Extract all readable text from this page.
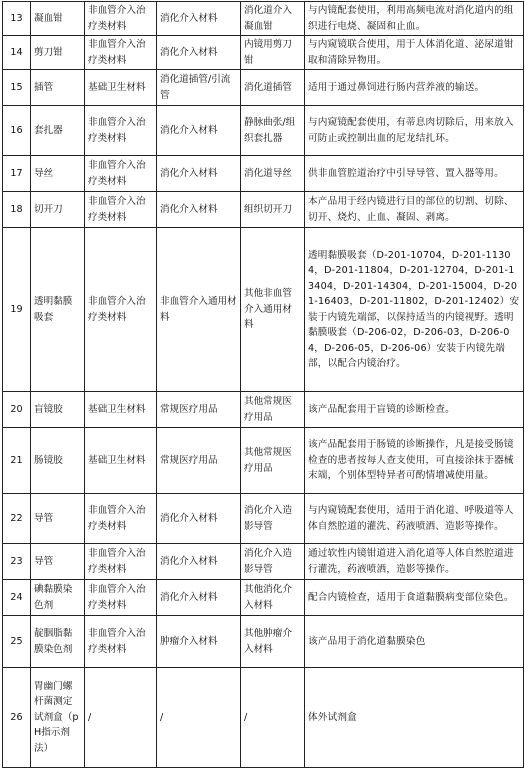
13	凝血钳	非血管介入治疗类材料	消化介入材料	消化道介入凝血钳	与内镜配套使用，利用高频电流对消化道内的组织进行电烧、凝固和止血。
14	剪刀钳	非血管介入治疗类材料	消化介入材料	内镜用剪刀钳	与内窥镜联合使用，用于人体消化道、泌尿道钳取和清除异物用。
15	插管	基础卫生材料	消化道插管/引流管	消化道插管	适用于通过鼻饲进行肠内营养液的输送。
16	套扎器	非血管介入治疗类材料	消化介入材料	静脉曲张/组织套扎器	与内窥镜配套使用，有蒂息肉切除后，用来放入可防止或控制出血的尼龙结扎环。
17	导丝	非血管介入治疗类材料	消化介入材料	消化道导丝	供非血管腔道治疗中引导导管、置入器等用。
18	切开刀	非血管介入治疗类材料	消化介入材料	组织切开刀	本产品用于经内镜进行目的部位的切割、切除、切开、烧灼、止血、凝固、剥离。
19	透明黏膜吸套	非血管介入治疗类材料	非血管介入通用材料	其他非血管介入通用材料	透明黏膜吸套（D-201-10704，D-201-11304，D-201-11804，D-201-12704，D-201-13404，D-201-14304，D-201-15004，D-201-16403，D-201-11802，D-201-12402）安装于内镜先端部，以保持适当的内镜视野。透明黏膜吸套（D-206-02，D-206-03，D-206-04，D-206-05，D-206-06）安装于内镜先端部，以配合内镜治疗。
20	盲镜胶	基础卫生材料	常规医疗用品	其他常规医疗用品	该产品配套用于盲镜的诊断检查。
21	肠镜胶	基础卫生材料	常规医疗用品	其他常规医疗用品	该产品配套用于肠镜的诊断操作，凡是接受肠镜检查的患者按每人查支使用，可直接涂抹于器械末端，个别体型特异者可酌情增减使用量。
22	导管	非血管介入治疗类材料	消化介入材料	消化介入造影导管	与内窥镜配套使用，适用于消化道、呼吸道等人体自然腔道的灌洗、药液喷洒、造影等操作。
23	导管	非血管介入治疗类材料	消化介入材料	消化介入造影导管	通过软性内镜钳道进入消化道等人体自然腔道进行灌洗，药液喷洒，造影等操作。
24	碘黏膜染色剂	非血管介入治疗类材料	消化介入材料	其他消化介入材料	配合内镜检查，适用于食道黏膜病变部位染色。
25	靛胭脂黏膜染色剂	非血管介入治疗类材料	肿瘤介入材料	其他肿瘤介入材料	该产品用于消化道黏膜染色
26	胃幽门螺杆菌测定试剂盒（pH指示剂法）	/	/	/	体外试剂盒
